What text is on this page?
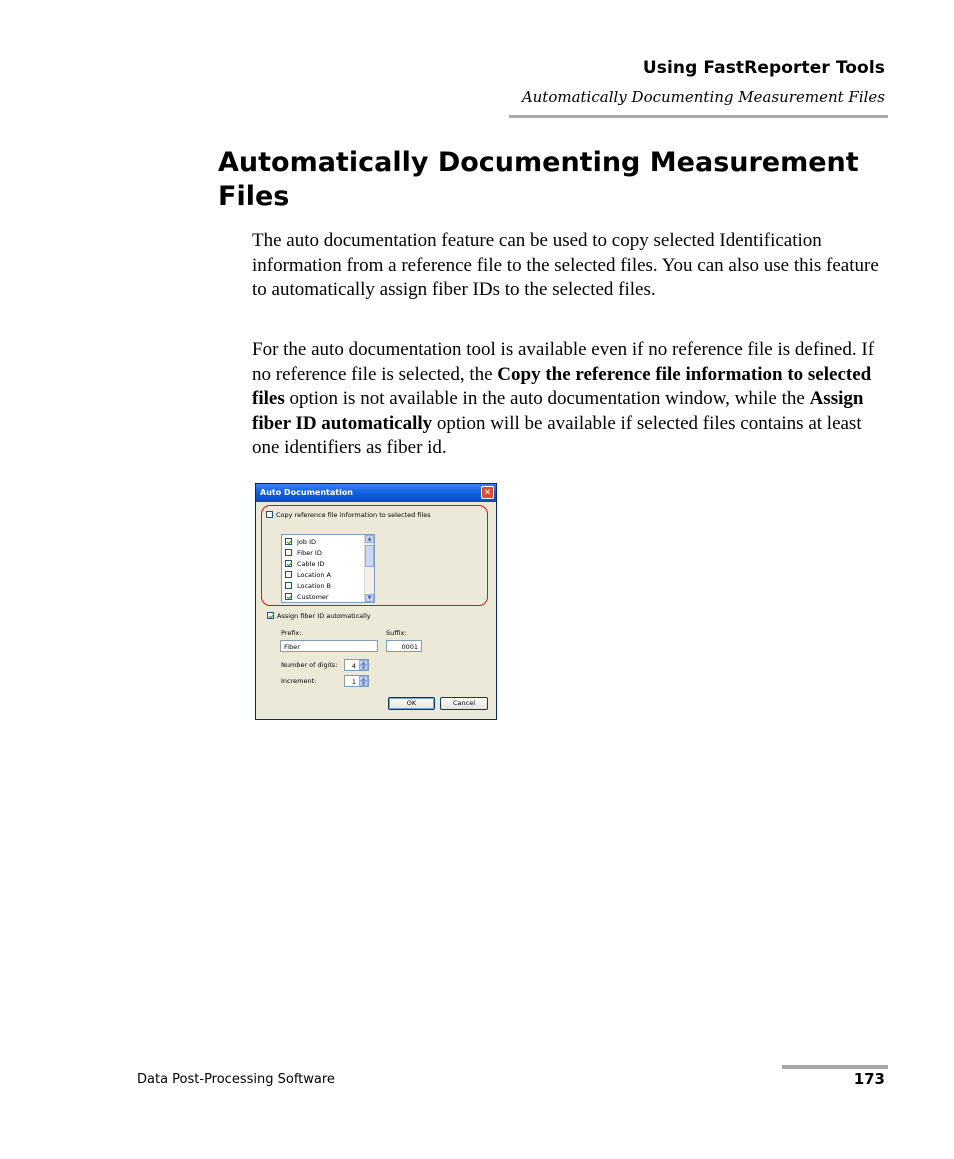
Using FastReporter Tools
Automatically Documenting Measurement Files
Automatically Documenting Measurement Files

The auto documentation feature can be used to copy selected Identification information from a reference file to the selected files. You can also use this feature to automatically assign fiber IDs to the selected files.

For the auto documentation tool is available even if no reference file is defined. If no reference file is selected, the Copy the reference file information to selected files option is not available in the auto documentation window, while the Assign fiber ID automatically option will be available if selected files contains at least one identifiers as fiber id.

Auto Documentation	✕
Copy reference file information to selected files
Job ID
Fiber ID
Cable ID
Location A
Location B
Customer
▲
▼
Assign fiber ID automatically
Prefix:
Fiber
Suffix:
0001
Number of digits: 4	▲
▼
Increment:	1	▲
▼
OK	Cancel
Data Post-Processing Software	173
